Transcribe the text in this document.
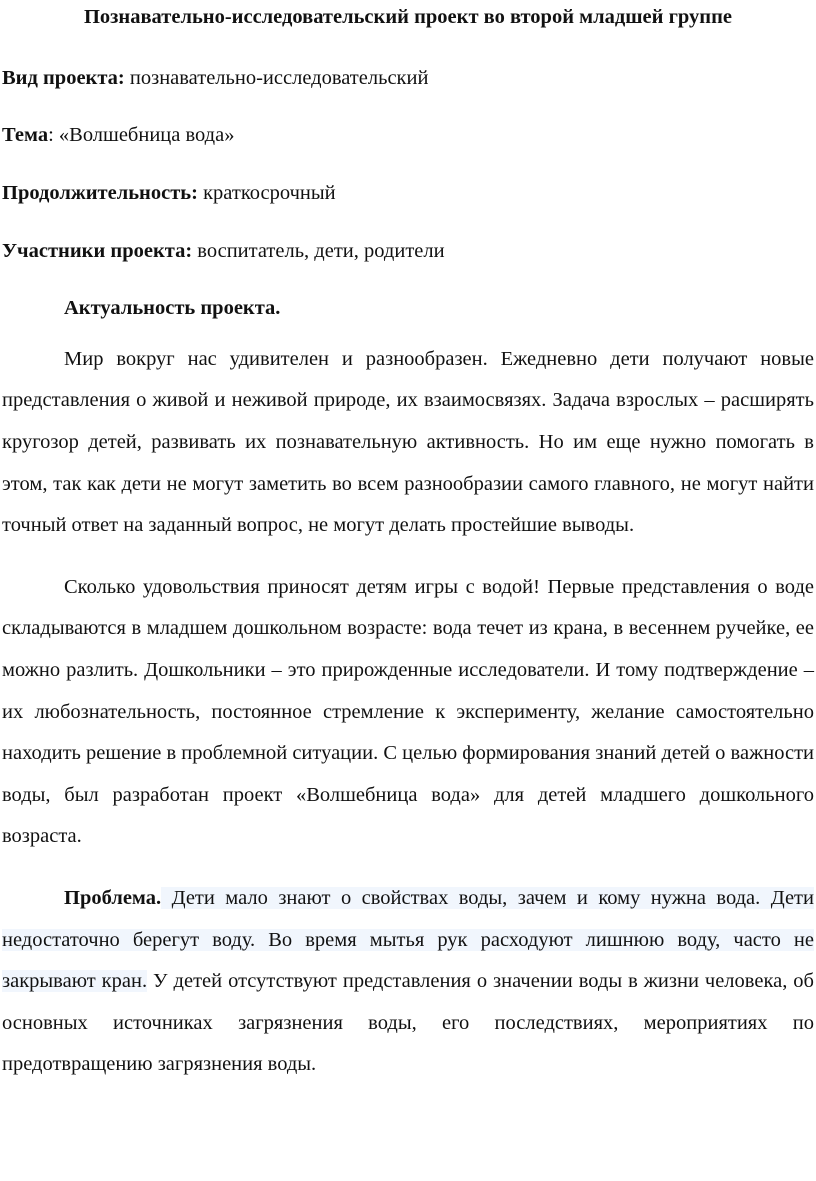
Познавательно-исследовательский проект во второй младшей группе
Вид проекта: познавательно-исследовательский
Тема: «Волшебница вода»
Продолжительность: краткосрочный
Участники проекта: воспитатель, дети, родители
Актуальность проекта.

Мир вокруг нас удивителен и разнообразен. Ежедневно дети получают новые представления о живой и неживой природе, их взаимосвязях. Задача взрослых – расширять кругозор детей, развивать их познавательную активность. Но им еще нужно помогать в этом, так как дети не могут заметить во всем разнообразии самого главного, не могут найти точный ответ на заданный вопрос, не могут делать простейшие выводы.

Сколько удовольствия приносят детям игры с водой! Первые представления о воде складываются в младшем дошкольном возрасте: вода течет из крана, в весеннем ручейке, ее можно разлить. Дошкольники – это прирожденные исследователи. И тому подтверждение – их любознательность, постоянное стремление к эксперименту, желание самостоятельно находить решение в проблемной ситуации. С целью формирования знаний детей о важности воды, был разработан проект «Волшебница вода» для детей младшего дошкольного возраста.

Проблема. Дети мало знают о свойствах воды, зачем и кому нужна вода. Дети недостаточно берегут воду. Во время мытья рук расходуют лишнюю воду, часто не закрывают кран. У детей отсутствуют представления о значении воды в жизни человека, об основных источниках загрязнения воды, его последствиях, мероприятиях по предотвращению загрязнения воды.
